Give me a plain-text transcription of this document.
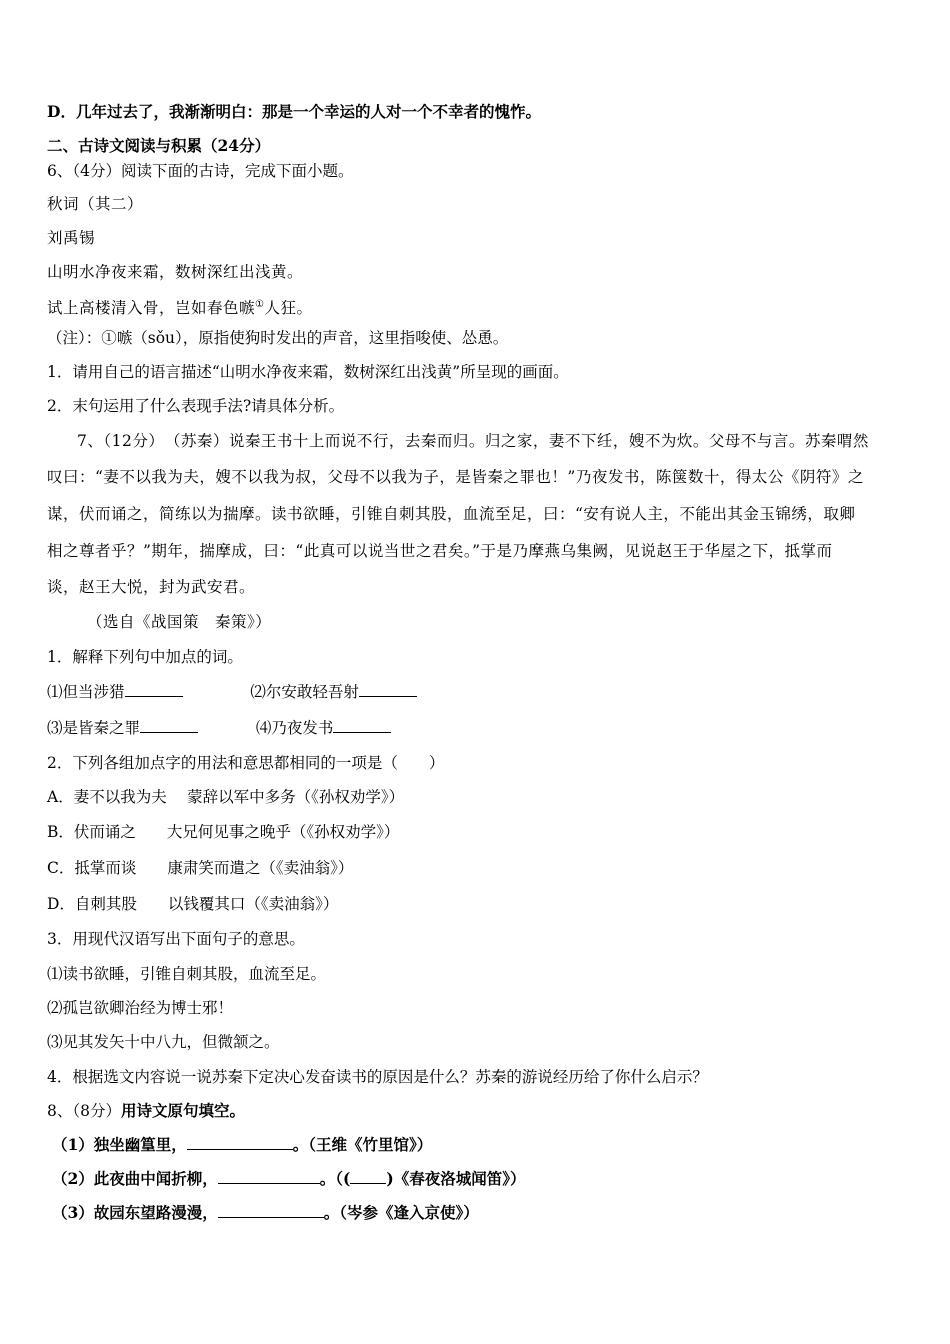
D．几年过去了，我渐渐明白：那是一个幸运的人对一个不幸者的愧怍。
二、古诗文阅读与积累（24分）
6、（4分）阅读下面的古诗，完成下面小题。
秋词（其二）
刘禹锡
山明水净夜来霜，数树深红出浅黄。
试上高楼清入骨，岂如春色嗾①人狂。
（注）：①嗾（sǒu），原指使狗时发出的声音，这里指唆使、怂恿。
1．请用自己的语言描述“山明水净夜来霜，数树深红出浅黄”所呈现的画面。
2．末句运用了什么表现手法?请具体分析。
7、（12分）　（苏秦）说秦王书十上而说不行，去秦而归。归之家，妻不下纴，嫂不为炊。父母不与言。苏秦喟然
叹曰：“妻不以我为夫，嫂不以我为叔，父母不以我为子，是皆秦之罪也！”乃夜发书，陈箧数十，得太公《阴符》之
谋，伏而诵之，简练以为揣摩。读书欲睡，引锥自刺其股，血流至足，曰：“安有说人主，不能出其金玉锦绣，取卿
相之尊者乎？”期年，揣摩成，曰：“此真可以说当世之君矣。”于是乃摩燕乌集阙，见说赵王于华屋之下，抵掌而
谈，赵王大悦，封为武安君。
（选自《战国策　秦策》）
1．解释下列句中加点的词。
⑴但当涉猎	⑵尔安敢轻吾射
⑶是皆秦之罪	⑷乃夜发书
2．下列各组加点字的用法和意思都相同的一项是（　　）
A．妻不以我为夫　 蒙辞以军中多务（《孙权劝学》）
B．伏而诵之　　大兄何见事之晚乎（《孙权劝学》）
C．抵掌而谈　　康肃笑而遣之（《卖油翁》）
D．自刺其股　　以钱覆其口（《卖油翁》）
3．用现代汉语写出下面句子的意思。
⑴读书欲睡，引锥自刺其股，血流至足。
⑵孤岂欲卿治经为博士邪！
⑶见其发矢十中八九，但微颔之。
4．根据选文内容说一说苏秦下定决心发奋读书的原因是什么？苏秦的游说经历给了你什么启示？
8、（8分）用诗文原句填空。
（1）独坐幽篁里，	。（王维《竹里馆》）
（2）此夜曲中闻折柳，	。（( )《春夜洛城闻笛》）
（3）故园东望路漫漫，	。（岑参《逢入京使》）
